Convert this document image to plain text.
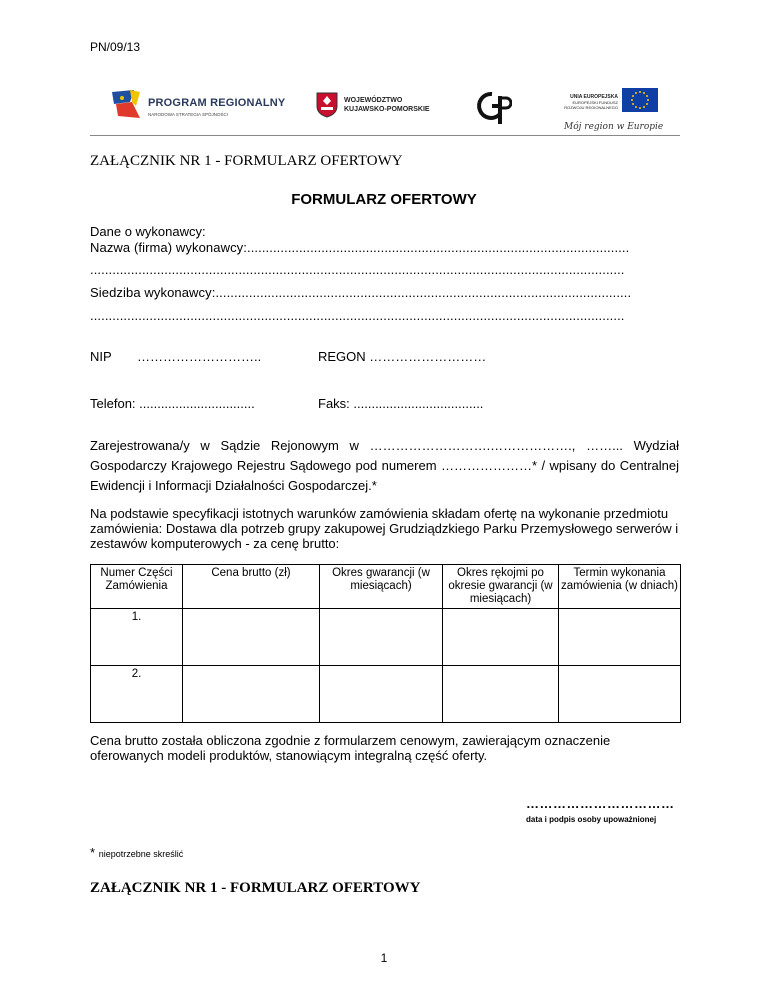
PN/09/13
PROGRAM REGIONALNY
NARODOWA STRATEGIA SPÓJNOŚCI
WOJEWÓDZTWO
KUJAWSKO-POMORSKIE
UNIA EUROPEJSKA
EUROPEJSKI FUNDUSZ
ROZWOJU REGIONALNEGO
Mój region w Europie
ZAŁĄCZNIK NR 1 - FORMULARZ OFERTOWY
FORMULARZ OFERTOWY
Dane o wykonawcy:
Nazwa (firma) wykonawcy:.......................................................................................................
................................................................................................................................................
Siedziba wykonawcy:................................................................................................................
................................................................................................................................................
NIP ………………………..	REGON ………………………
Telefon: ................................	Faks: ....................................
Zarejestrowana/y w Sądzie Rejonowym w ……………………….………………., ……... Wydział Gospodarczy Krajowego Rejestru Sądowego pod numerem …………………* / wpisany do Centralnej Ewidencji i Informacji Działalności Gospodarczej.*
Na podstawie specyfikacji istotnych warunków zamówienia składam ofertę na wykonanie przedmiotu zamówienia: Dostawa dla potrzeb grupy zakupowej Grudziądzkiego Parku Przemysłowego serwerów i zestawów komputerowych - za cenę brutto:
Numer Części Zamówienia	Cena brutto (zł)	Okres gwarancji (w miesiącach)	Okres rękojmi po okresie gwarancji (w miesiącach)	Termin wykonania zamówienia (w dniach)
1.				
2.				
Cena brutto została obliczona zgodnie z formularzem cenowym, zawierającym oznaczenie oferowanych modeli produktów, stanowiącym integralną część oferty.
……………………………
data i podpis osoby upoważnionej
* niepotrzebne skreślić
ZAŁĄCZNIK NR 1 - FORMULARZ OFERTOWY
1
